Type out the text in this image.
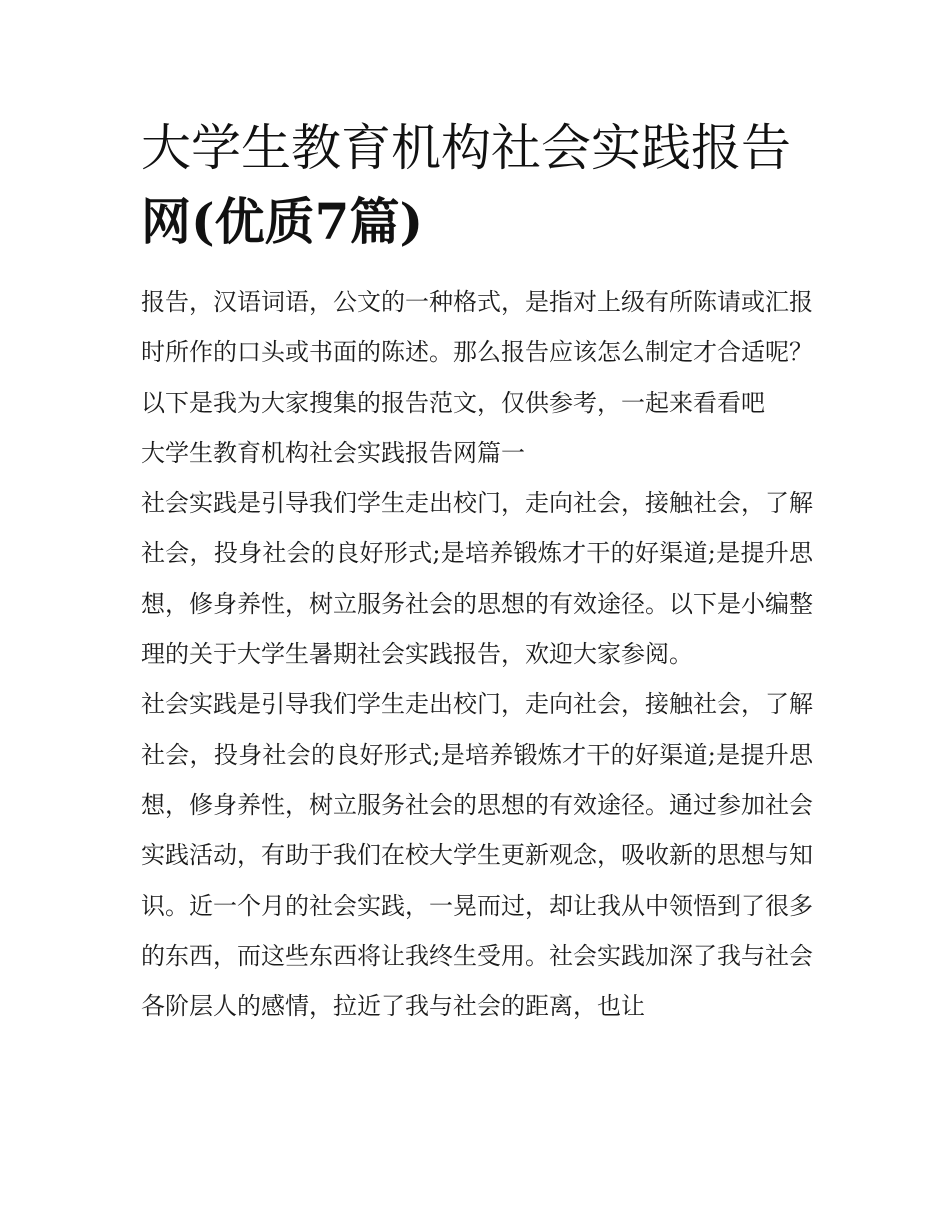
大学生教育机构社会实践报告
网(优质7篇)

报告，汉语词语，公文的一种格式，是指对上级有所陈请或汇报时所作的口头或书面的陈述。那么报告应该怎么制定才合适呢？以下是我为大家搜集的报告范文，仅供参考，一起来看看吧

大学生教育机构社会实践报告网篇一

社会实践是引导我们学生走出校门，走向社会，接触社会，了解社会，投身社会的良好形式;是培养锻炼才干的好渠道;是提升思想，修身养性，树立服务社会的思想的有效途径。以下是小编整理的关于大学生暑期社会实践报告，欢迎大家参阅。

社会实践是引导我们学生走出校门，走向社会，接触社会，了解社会，投身社会的良好形式;是培养锻炼才干的好渠道;是提升思想，修身养性，树立服务社会的思想的有效途径。通过参加社会实践活动，有助于我们在校大学生更新观念，吸收新的思想与知识。近一个月的社会实践，一晃而过，却让我从中领悟到了很多的东西，而这些东西将让我终生受用。社会实践加深了我与社会各阶层人的感情，拉近了我与社会的距离，也让
